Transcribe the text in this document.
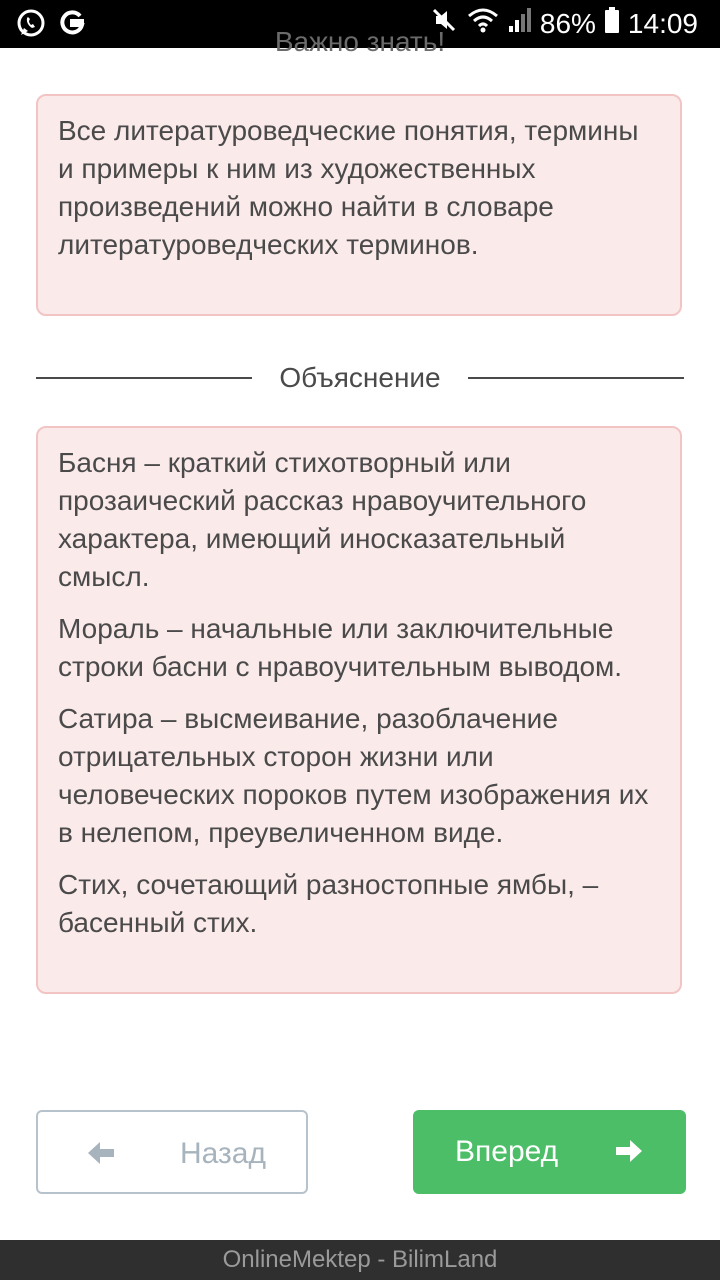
86% 14:09
Важно знать!

Все литературоведческие понятия, термины и примеры к ним из художественных произведений можно найти в словаре литературоведческих терминов.

Объяснение

Басня – краткий стихотворный или прозаический рассказ нравоучительного характера, имеющий иносказательный смысл.

Мораль – начальные или заключительные строки басни с нравоучительным выводом.

Сатира – высмеивание, разоблачение отрицательных сторон жизни или человеческих пороков путем изображения их в нелепом, преувеличенном виде.

Стих, сочетающий разностопные ямбы, – басенный стих.

Назад	Вперед
OnlineMektep - BilimLand
